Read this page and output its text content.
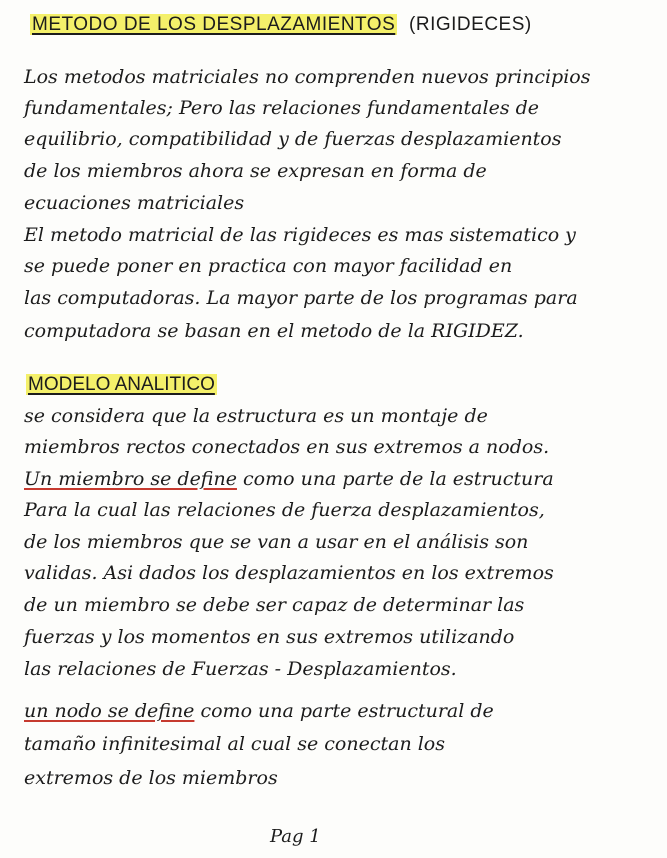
METODO DE LOS DESPLAZAMIENTOS (RIGIDECES)
Los metodos matriciales no comprenden nuevos principios
fundamentales; Pero las relaciones fundamentales de
equilibrio, compatibilidad y de fuerzas desplazamientos
de los miembros ahora se expresan en forma de
ecuaciones matriciales
El metodo matricial de las rigideces es mas sistematico y
se puede poner en practica con mayor facilidad en
las computadoras. La mayor parte de los programas para
computadora se basan en el metodo de la RIGIDEZ.
MODELO ANALITICO
se considera que la estructura es un montaje de
miembros rectos conectados en sus extremos a nodos.
Un miembro se define como una parte de la estructura
Para la cual las relaciones de fuerza desplazamientos,
de los miembros que se van a usar en el análisis son
validas. Asi dados los desplazamientos en los extremos
de un miembro se debe ser capaz de determinar las
fuerzas y los momentos en sus extremos utilizando
las relaciones de Fuerzas - Desplazamientos.
un nodo se define como una parte estructural de
tamaño infinitesimal al cual se conectan los
extremos de los miembros
Pag 1
